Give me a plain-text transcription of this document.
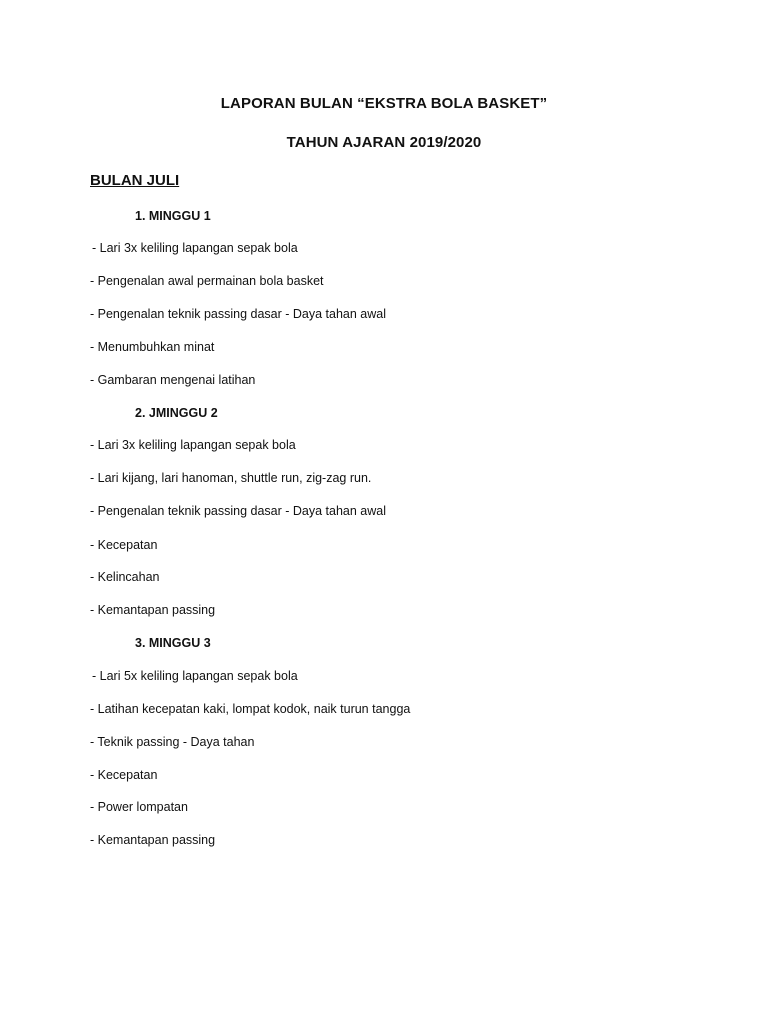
LAPORAN BULAN “EKSTRA BOLA BASKET”
TAHUN AJARAN 2019/2020
BULAN JULI
1. MINGGU 1
- Lari 3x keliling lapangan sepak bola
- Pengenalan awal permainan bola basket
- Pengenalan teknik passing dasar - Daya tahan awal
- Menumbuhkan minat
- Gambaran mengenai latihan
2. JMINGGU 2
- Lari 3x keliling lapangan sepak bola
- Lari kijang, lari hanoman, shuttle run, zig-zag run.
- Pengenalan teknik passing dasar - Daya tahan awal
- Kecepatan
- Kelincahan
- Kemantapan passing
3. MINGGU 3
- Lari 5x keliling lapangan sepak bola
- Latihan kecepatan kaki, lompat kodok, naik turun tangga
- Teknik passing - Daya tahan
- Kecepatan
- Power lompatan
- Kemantapan passing
